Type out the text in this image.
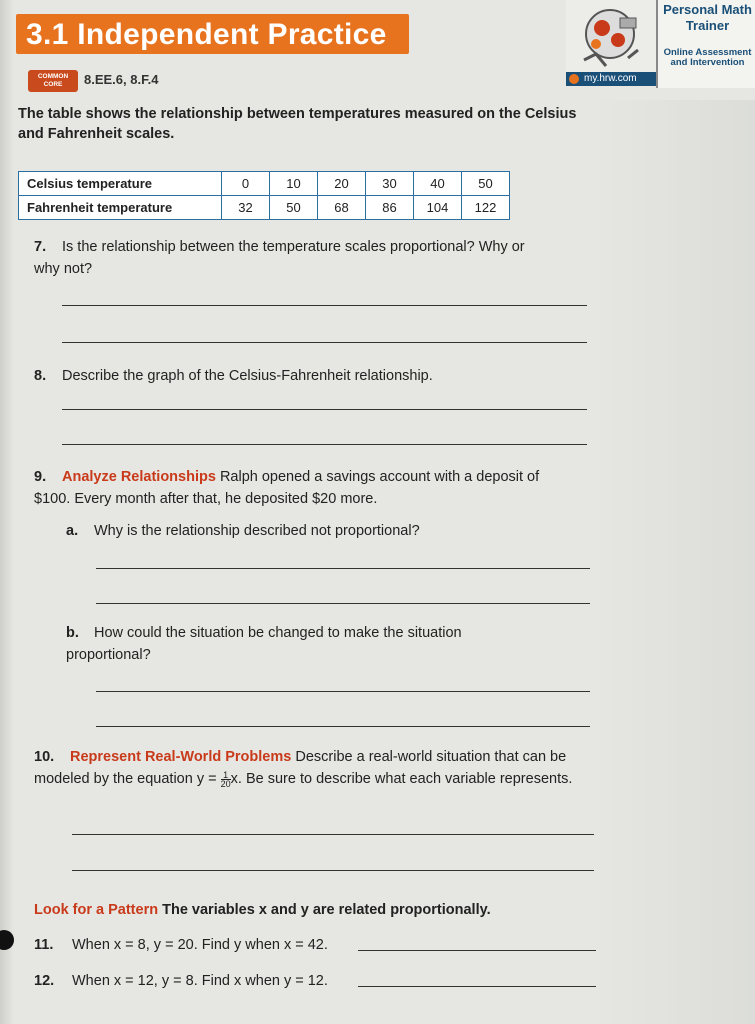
3.1 Independent Practice
COMMON CORE	8.EE.6, 8.F.4	my.hrw.com
Personal Math Trainer
Online Assessment and Intervention
The table shows the relationship between temperatures measured on the Celsius and Fahrenheit scales.
Celsius temperature	0	10	20	30	40	50
Fahrenheit temperature	32	50	68	86	104	122
7. Is the relationship between the temperature scales proportional? Why or why not?
8. Describe the graph of the Celsius-Fahrenheit relationship.
9. Analyze Relationships Ralph opened a savings account with a deposit of $100. Every month after that, he deposited $20 more.
a. Why is the relationship described not proportional?
b. How could the situation be changed to make the situation proportional?
10. Represent Real-World Problems Describe a real-world situation that can be modeled by the equation $y = \frac{1}{20} x$. Be sure to describe what each variable represents.
Look for a Pattern The variables x and y are related proportionally.
11. When x = 8, y = 20. Find y when x = 42.
12. When x = 12, y = 8. Find x when y = 12.
